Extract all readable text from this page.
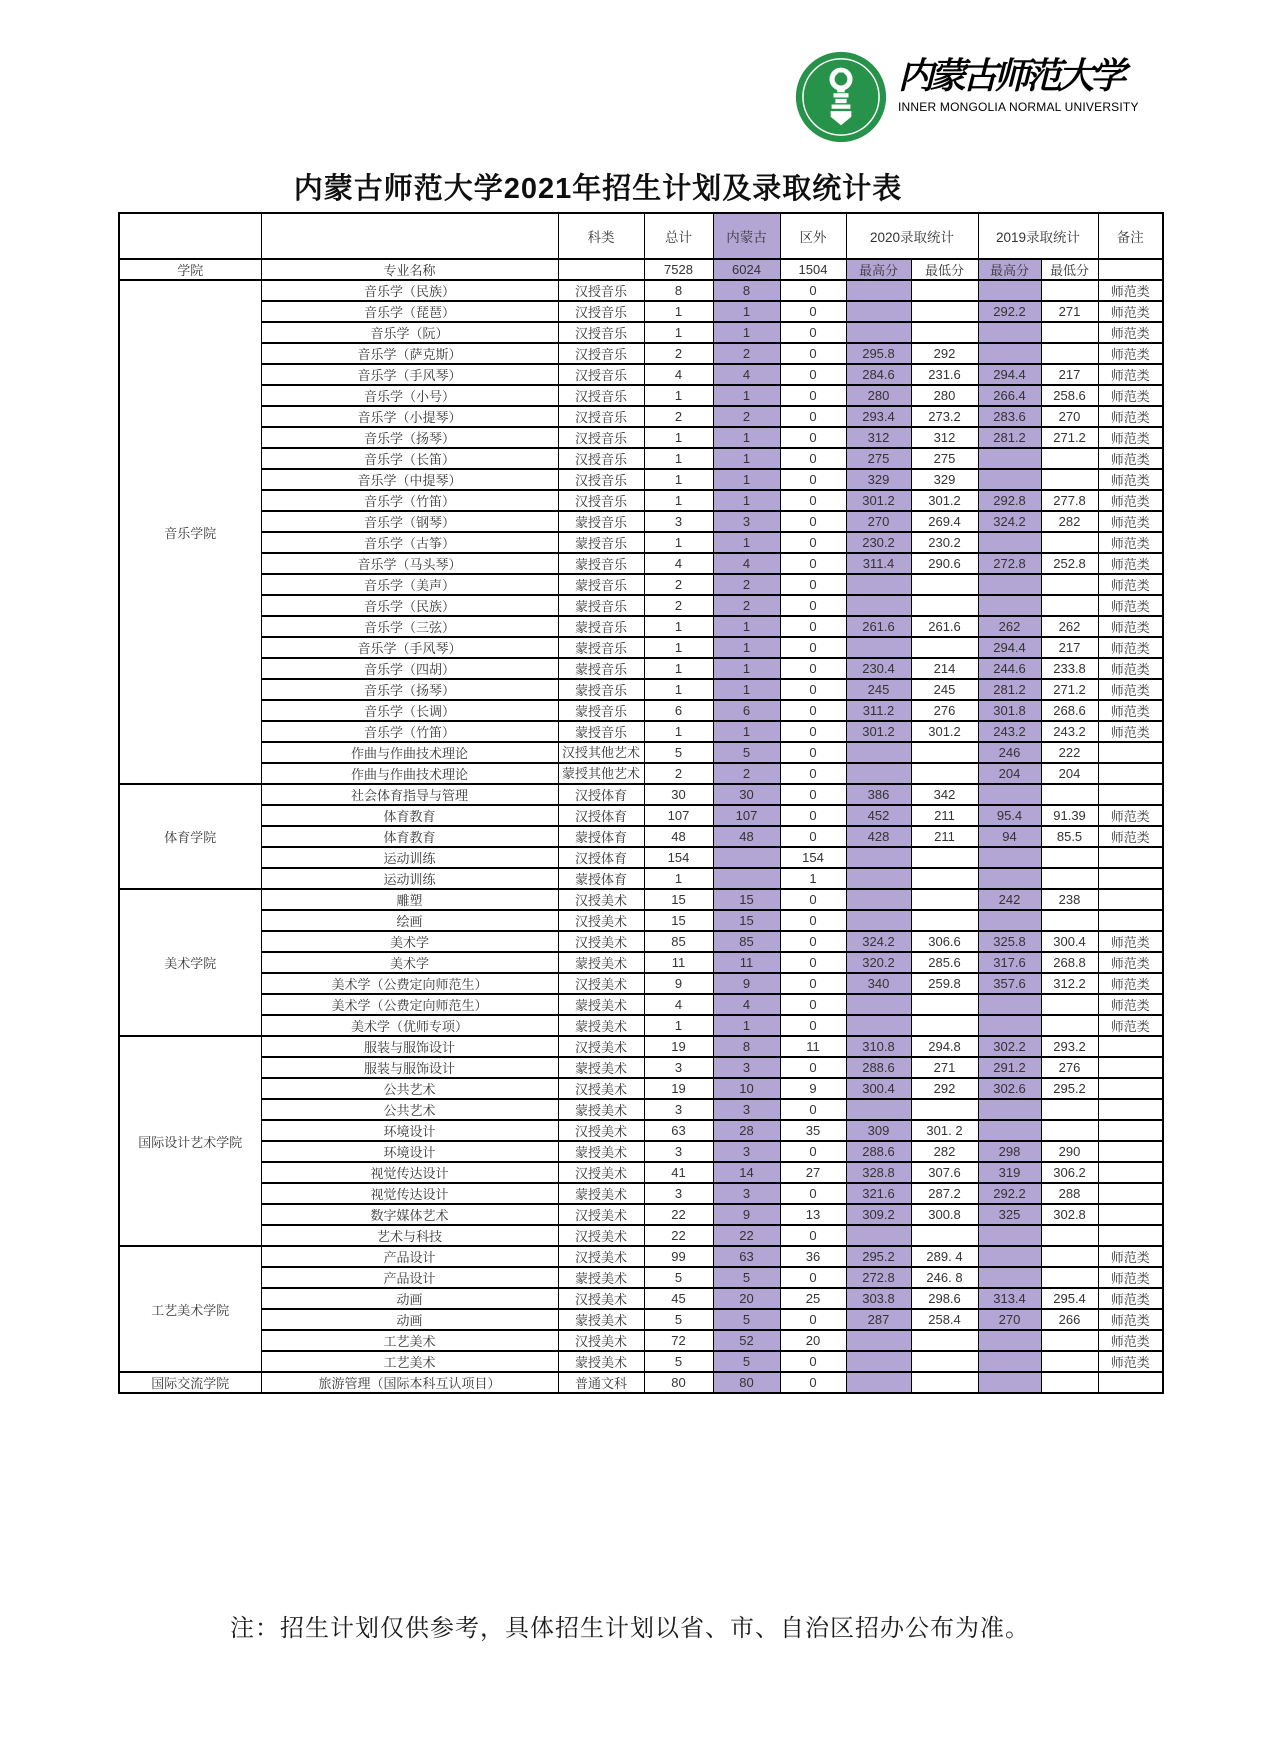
内蒙古师范大学
INNER MONGOLIA NORMAL UNIVERSITY
内蒙古师范大学2021年招生计划及录取统计表
		科类	总计	内蒙古	区外	2020录取统计		2019录取统计		备注
学院	专业名称		7528	6024	1504	最高分	最低分	最高分	最低分	
音乐学院	音乐学（民族）	汉授音乐	8	8	0					师范类
	音乐学（琵琶）	汉授音乐	1	1	0			292.2	271	师范类
	音乐学（阮）	汉授音乐	1	1	0					师范类
	音乐学（萨克斯）	汉授音乐	2	2	0	295.8	292			师范类
	音乐学（手风琴）	汉授音乐	4	4	0	284.6	231.6	294.4	217	师范类
	音乐学（小号）	汉授音乐	1	1	0	280	280	266.4	258.6	师范类
	音乐学（小提琴）	汉授音乐	2	2	0	293.4	273.2	283.6	270	师范类
	音乐学（扬琴）	汉授音乐	1	1	0	312	312	281.2	271.2	师范类
	音乐学（长笛）	汉授音乐	1	1	0	275	275			师范类
	音乐学（中提琴）	汉授音乐	1	1	0	329	329			师范类
	音乐学（竹笛）	汉授音乐	1	1	0	301.2	301.2	292.8	277.8	师范类
	音乐学（钢琴）	蒙授音乐	3	3	0	270	269.4	324.2	282	师范类
	音乐学（古筝）	蒙授音乐	1	1	0	230.2	230.2			师范类
	音乐学（马头琴）	蒙授音乐	4	4	0	311.4	290.6	272.8	252.8	师范类
	音乐学（美声）	蒙授音乐	2	2	0					师范类
	音乐学（民族）	蒙授音乐	2	2	0					师范类
	音乐学（三弦）	蒙授音乐	1	1	0	261.6	261.6	262	262	师范类
	音乐学（手风琴）	蒙授音乐	1	1	0			294.4	217	师范类
	音乐学（四胡）	蒙授音乐	1	1	0	230.4	214	244.6	233.8	师范类
	音乐学（扬琴）	蒙授音乐	1	1	0	245	245	281.2	271.2	师范类
	音乐学（长调）	蒙授音乐	6	6	0	311.2	276	301.8	268.6	师范类
	音乐学（竹笛）	蒙授音乐	1	1	0	301.2	301.2	243.2	243.2	师范类
	作曲与作曲技术理论	汉授其他艺术	5	5	0			246	222	
	作曲与作曲技术理论	蒙授其他艺术	2	2	0			204	204	
体育学院	社会体育指导与管理	汉授体育	30	30	0	386	342			
	体育教育	汉授体育	107	107	0	452	211	95.4	91.39	师范类
	体育教育	蒙授体育	48	48	0	428	211	94	85.5	师范类
	运动训练	汉授体育	154		154					
	运动训练	蒙授体育	1		1					
美术学院	雕塑	汉授美术	15	15	0			242	238	
	绘画	汉授美术	15	15	0					
	美术学	汉授美术	85	85	0	324.2	306.6	325.8	300.4	师范类
	美术学	蒙授美术	11	11	0	320.2	285.6	317.6	268.8	师范类
	美术学（公费定向师范生）	汉授美术	9	9	0	340	259.8	357.6	312.2	师范类
	美术学（公费定向师范生）	蒙授美术	4	4	0					师范类
	美术学（优师专项）	蒙授美术	1	1	0					师范类
国际设计艺术学院	服装与服饰设计	汉授美术	19	8	11	310.8	294.8	302.2	293.2	
	服装与服饰设计	蒙授美术	3	3	0	288.6	271	291.2	276	
	公共艺术	汉授美术	19	10	9	300.4	292	302.6	295.2	
	公共艺术	蒙授美术	3	3	0					
	环境设计	汉授美术	63	28	35	309	301. 2			
	环境设计	蒙授美术	3	3	0	288.6	282	298	290	
	视觉传达设计	汉授美术	41	14	27	328.8	307.6	319	306.2	
	视觉传达设计	蒙授美术	3	3	0	321.6	287.2	292.2	288	
	数字媒体艺术	汉授美术	22	9	13	309.2	300.8	325	302.8	
	艺术与科技	汉授美术	22	22	0					
工艺美术学院	产品设计	汉授美术	99	63	36	295.2	289. 4			师范类
	产品设计	蒙授美术	5	5	0	272.8	246. 8			师范类
	动画	汉授美术	45	20	25	303.8	298.6	313.4	295.4	师范类
	动画	蒙授美术	5	5	0	287	258.4	270	266	师范类
	工艺美术	汉授美术	72	52	20					师范类
	工艺美术	蒙授美术	5	5	0					师范类
国际交流学院	旅游管理（国际本科互认项目）	普通文科	80	80	0					
注：招生计划仅供参考，具体招生计划以省、市、自治区招办公布为准。
